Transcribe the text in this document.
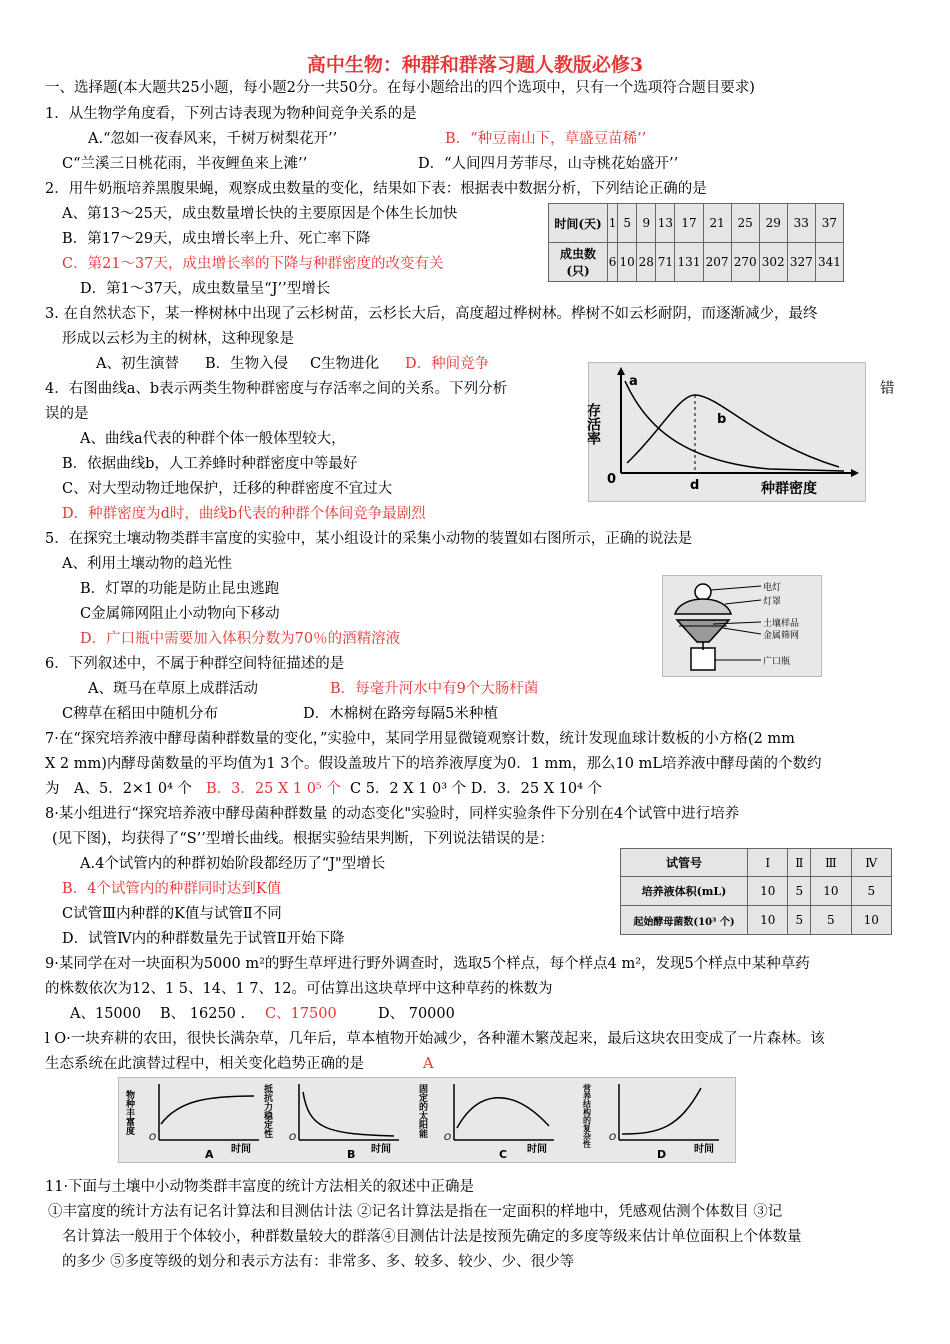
高中生物：种群和群落习题人教版必修3
一、选择题(本大题共25小题，每小题2分一共50分。在每小题给出的四个选项中，只有一个选项符合题目要求)
1．从生物学角度看，下列古诗表现为物种间竞争关系的是
A.“忽如一夜春风来，千树万树梨花开’’	B．“种豆南山下，草盛豆苗稀’’
C“兰溪三日桃花雨，半夜鲤鱼来上滩’’	D．“人间四月芳菲尽，山寺桃花始盛开’’
2．用牛奶瓶培养黑腹果蝇，观察成虫数量的变化，结果如下表：根据表中数据分析，下列结论正确的是
A、第13～25天，成虫数量增长快的主要原因是个体生长加快
B．第17～29天，成虫增长率上升、死亡率下降
C．第21～37天，成虫增长率的下降与种群密度的改变有关
D．第1～37天，成虫数量呈“J’’型增长
时间(天)	1	5	9	13	17	21	25	29	33	37
成虫数(只)	6	10	28	71	131	207	270	302	327	341
3. 在自然状态下，某一桦树林中出现了云杉树苗，云杉长大后，高度超过桦树林。桦树不如云杉耐阴，而逐渐减少，最终
形成以云杉为主的树林，这种现象是
A、初生演替 B．生物入侵 C生物进化 D．种间竞争
4．右图曲线a、b表示两类生物种群密度与存活率之间的关系。下列分析	错
误的是
A、曲线a代表的种群个体一般体型较大，
B．依据曲线b，人工养蜂时种群密度中等最好
C、对大型动物迁地保护，迁移的种群密度不宜过大
D．种群密度为d时，曲线b代表的种群个体间竞争最剧烈
存活率
a
b
d
0
种群密度
5．在探究土壤动物类群丰富度的实验中，某小组设计的采集小动物的装置如右图所示，正确的说法是
A、利用土壤动物的趋光性
B．灯罩的功能是防止昆虫逃跑
C金属筛网阻止小动物向下移动
D．广口瓶中需要加入体积分数为70％的酒精溶液
电灯
灯罩
土壤样品
金属筛网
广口瓶
6．下列叙述中，不属于种群空间特征描述的是
A、斑马在草原上成群活动	B．每毫升河水中有9个大肠杆菌
C稗草在稻田中随机分布	D．木棉树在路旁每隔5米种植
7·在“探究培养液中酵母菌种群数量的变化，”实验中，某同学用显微镜观察计数，统计发现血球计数板的小方格(2 mm
X 2 mm)内酵母菌数量的平均值为1 3个。假设盖玻片下的培养液厚度为0．1 mm，那么10 mL培养液中酵母菌的个数约
为　A、5．2×1 0⁴ 个 B．3．25 X 1 0⁵ 个 C 5．2 X 1 0³ 个 D．3．25 X 10⁴ 个
8·某小组进行“探究培养液中酵母菌种群数量 的动态变化"实验时，同样实验条件下分别在4个试管中进行培养
(见下图)，均获得了“S’’型增长曲线。根据实验结果判断，下列说法错误的是：
A.4个试管内的种群初始阶段都经历了“J"型增长
B．4个试管内的种群同时达到K值
C试管Ⅲ内种群的K值与试管Ⅱ不同
D．试管Ⅳ内的种群数量先于试管Ⅱ开始下降
试管号	Ⅰ	Ⅱ	Ⅲ	Ⅳ
培养液体积(mL)	10	5	10	5
起始酵母菌数(10³ 个)	10	5	5	10
9·某同学在对一块面积为5000 m²的野生草坪进行野外调查时，选取5个样点，每个样点4 m²，发现5个样点中某种草药
的株数依次为12、1 5、14、1 7、12。可估算出这块草坪中这种草药的株数为
A、15000 B、 16250 . C、17500	D、 70000
l O·一块弃耕的农田，很快长满杂草，几年后，草本植物开始减少，各种灌木繁茂起来，最后这块农田变成了一片森林。该
生态系统在此演替过程中，相关变化趋势正确的是	A
物种丰富度
O
时间
A
抵抗力稳定性 O
时间
B
固定的太阳能 O
时间
C
营养结构的复杂性 O
时间
D
11·下面与土壤中小动物类群丰富度的统计方法相关的叙述中正确是
①丰富度的统计方法有记名计算法和目测估计法 ②记名计算法是指在一定面积的样地中，凭感观估测个体数目 ③记
名计算法一般用于个体较小，种群数量较大的群落④目测估计法是按预先确定的多度等级来估计单位面积上个体数量
的多少 ⑤多度等级的划分和表示方法有：非常多、多、较多、较少、少、很少等
